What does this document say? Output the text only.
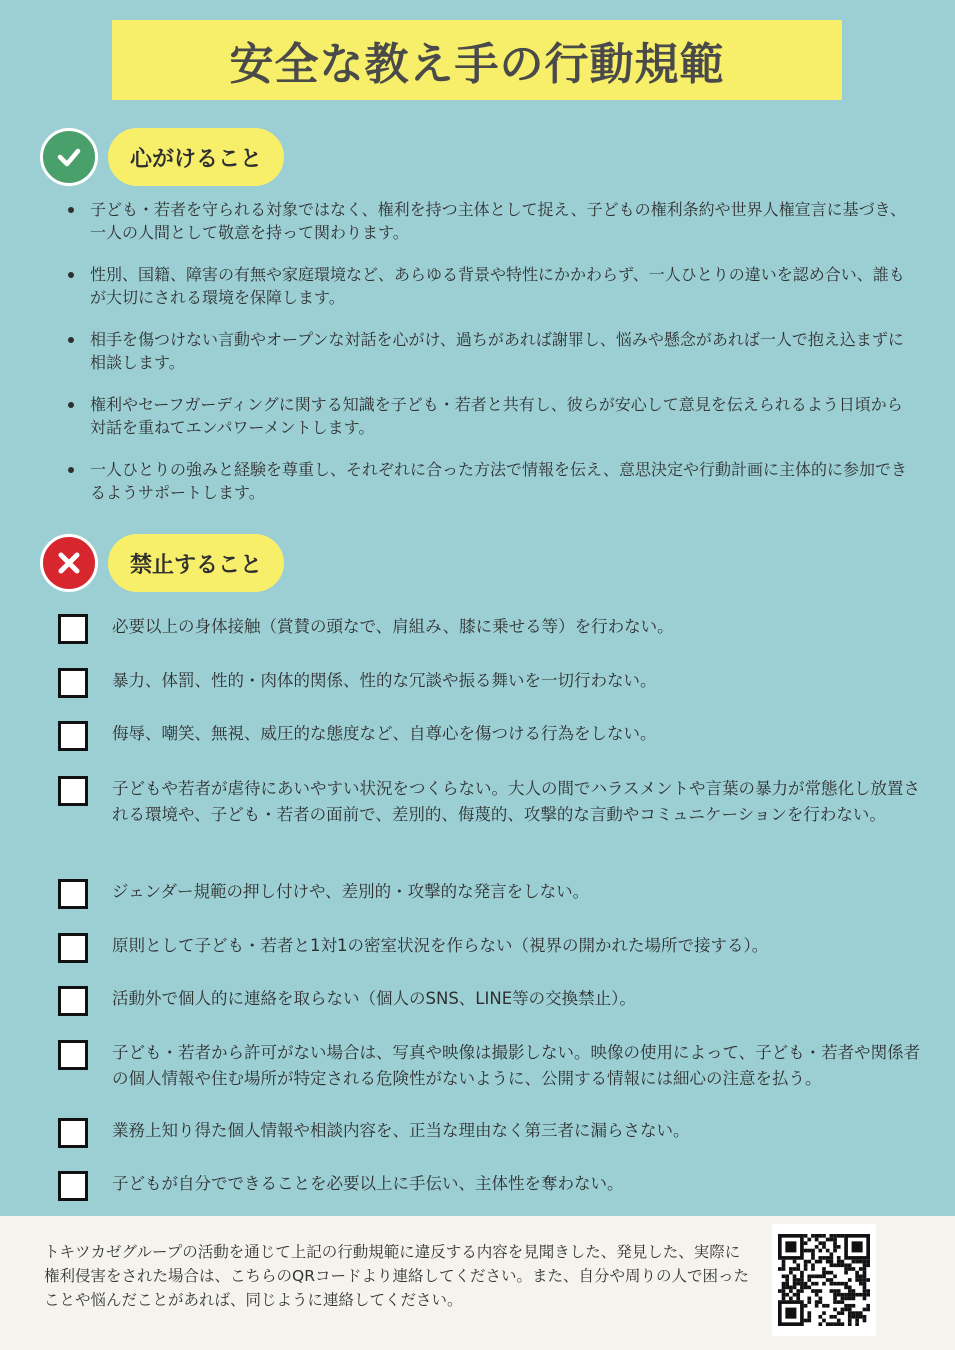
安全な教え手の行動規範
心がけること
子ども・若者を守られる対象ではなく、権利を持つ主体として捉え、子どもの権利条約や世界人権宣言に基づき、一人の人間として敬意を持って関わります。
性別、国籍、障害の有無や家庭環境など、あらゆる背景や特性にかかわらず、一人ひとりの違いを認め合い、誰もが大切にされる環境を保障します。
相手を傷つけない言動やオープンな対話を心がけ、過ちがあれば謝罪し、悩みや懸念があれば一人で抱え込まずに相談します。
権利やセーフガーディングに関する知識を子ども・若者と共有し、彼らが安心して意見を伝えられるよう日頃から対話を重ねてエンパワーメントします。
一人ひとりの強みと経験を尊重し、それぞれに合った方法で情報を伝え、意思決定や行動計画に主体的に参加できるようサポートします。
禁止すること
必要以上の身体接触（賞賛の頭なで、肩組み、膝に乗せる等）を行わない。
暴力、体罰、性的・肉体的関係、性的な冗談や振る舞いを一切行わない。
侮辱、嘲笑、無視、威圧的な態度など、自尊心を傷つける行為をしない。
子どもや若者が虐待にあいやすい状況をつくらない。大人の間でハラスメントや言葉の暴力が常態化し放置される環境や、子ども・若者の面前で、差別的、侮蔑的、攻撃的な言動やコミュニケーションを行わない。
ジェンダー規範の押し付けや、差別的・攻撃的な発言をしない。
原則として子ども・若者と1対1の密室状況を作らない（視界の開かれた場所で接する）。
活動外で個人的に連絡を取らない（個人のSNS、LINE等の交換禁止）。
子ども・若者から許可がない場合は、写真や映像は撮影しない。映像の使用によって、子ども・若者や関係者の個人情報や住む場所が特定される危険性がないように、公開する情報には細心の注意を払う。
業務上知り得た個人情報や相談内容を、正当な理由なく第三者に漏らさない。
子どもが自分でできることを必要以上に手伝い、主体性を奪わない。
トキツカゼグループの活動を通じて上記の行動規範に違反する内容を見聞きした、発見した、実際に権利侵害をされた場合は、こちらのQRコードより連絡してください。また、自分や周りの人で困ったことや悩んだことがあれば、同じように連絡してください。
